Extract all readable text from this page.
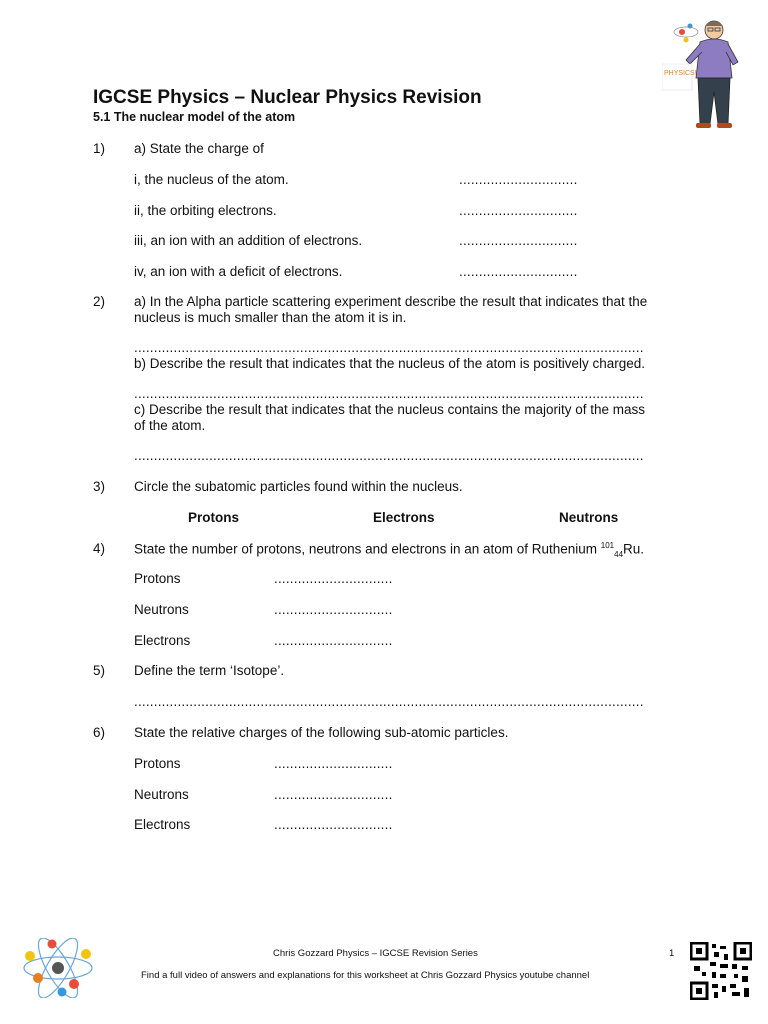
PHYSICS!
IGCSE Physics – Nuclear Physics Revision
5.1 The nuclear model of the atom
1) a) State the charge of
i, the nucleus of the atom.	..............................
ii, the orbiting electrons.	..............................
iii, an ion with an addition of electrons.	..............................
iv, an ion with a deficit of electrons.	..............................
2) a) In the Alpha particle scattering experiment describe the result that indicates that the
nucleus is much smaller than the atom it is in.
.................................................................................................................................
b) Describe the result that indicates that the nucleus of the atom is positively charged.
.................................................................................................................................
c) Describe the result that indicates that the nucleus contains the majority of the mass
of the atom.
.................................................................................................................................
3) Circle the subatomic particles found within the nucleus.
Protons	Electrons	Neutrons
4) State the number of protons, neutrons and electrons in an atom of Ruthenium $^{101}_{44}$Ru.
Protons	..............................
Neutrons	..............................
Electrons	..............................
5) Define the term ‘Isotope’.
.................................................................................................................................
6) State the relative charges of the following sub-atomic particles.
Protons	..............................
Neutrons	..............................
Electrons	..............................
Chris Gozzard Physics – IGCSE Revision Series	1
Find a full video of answers and explanations for this worksheet at Chris Gozzard Physics youtube channel
